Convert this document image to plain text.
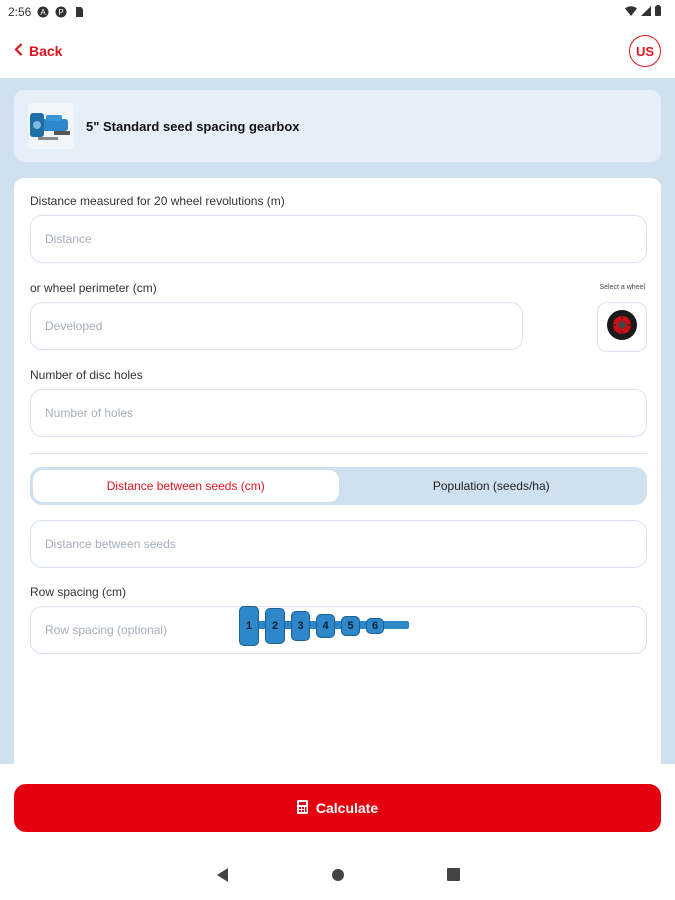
2:56 A P
Back	US
5" Standard seed spacing gearbox
Distance measured for 20 wheel revolutions (m)
Distance
or wheel perimeter (cm)	Select a wheel
Developed
Number of disc holes
Number of holes
Distance between seeds (cm)	Population (seeds/ha)
Distance between seeds
Row spacing (cm)
Row spacing (optional)
1	2	3	4	5	6
Calculate
